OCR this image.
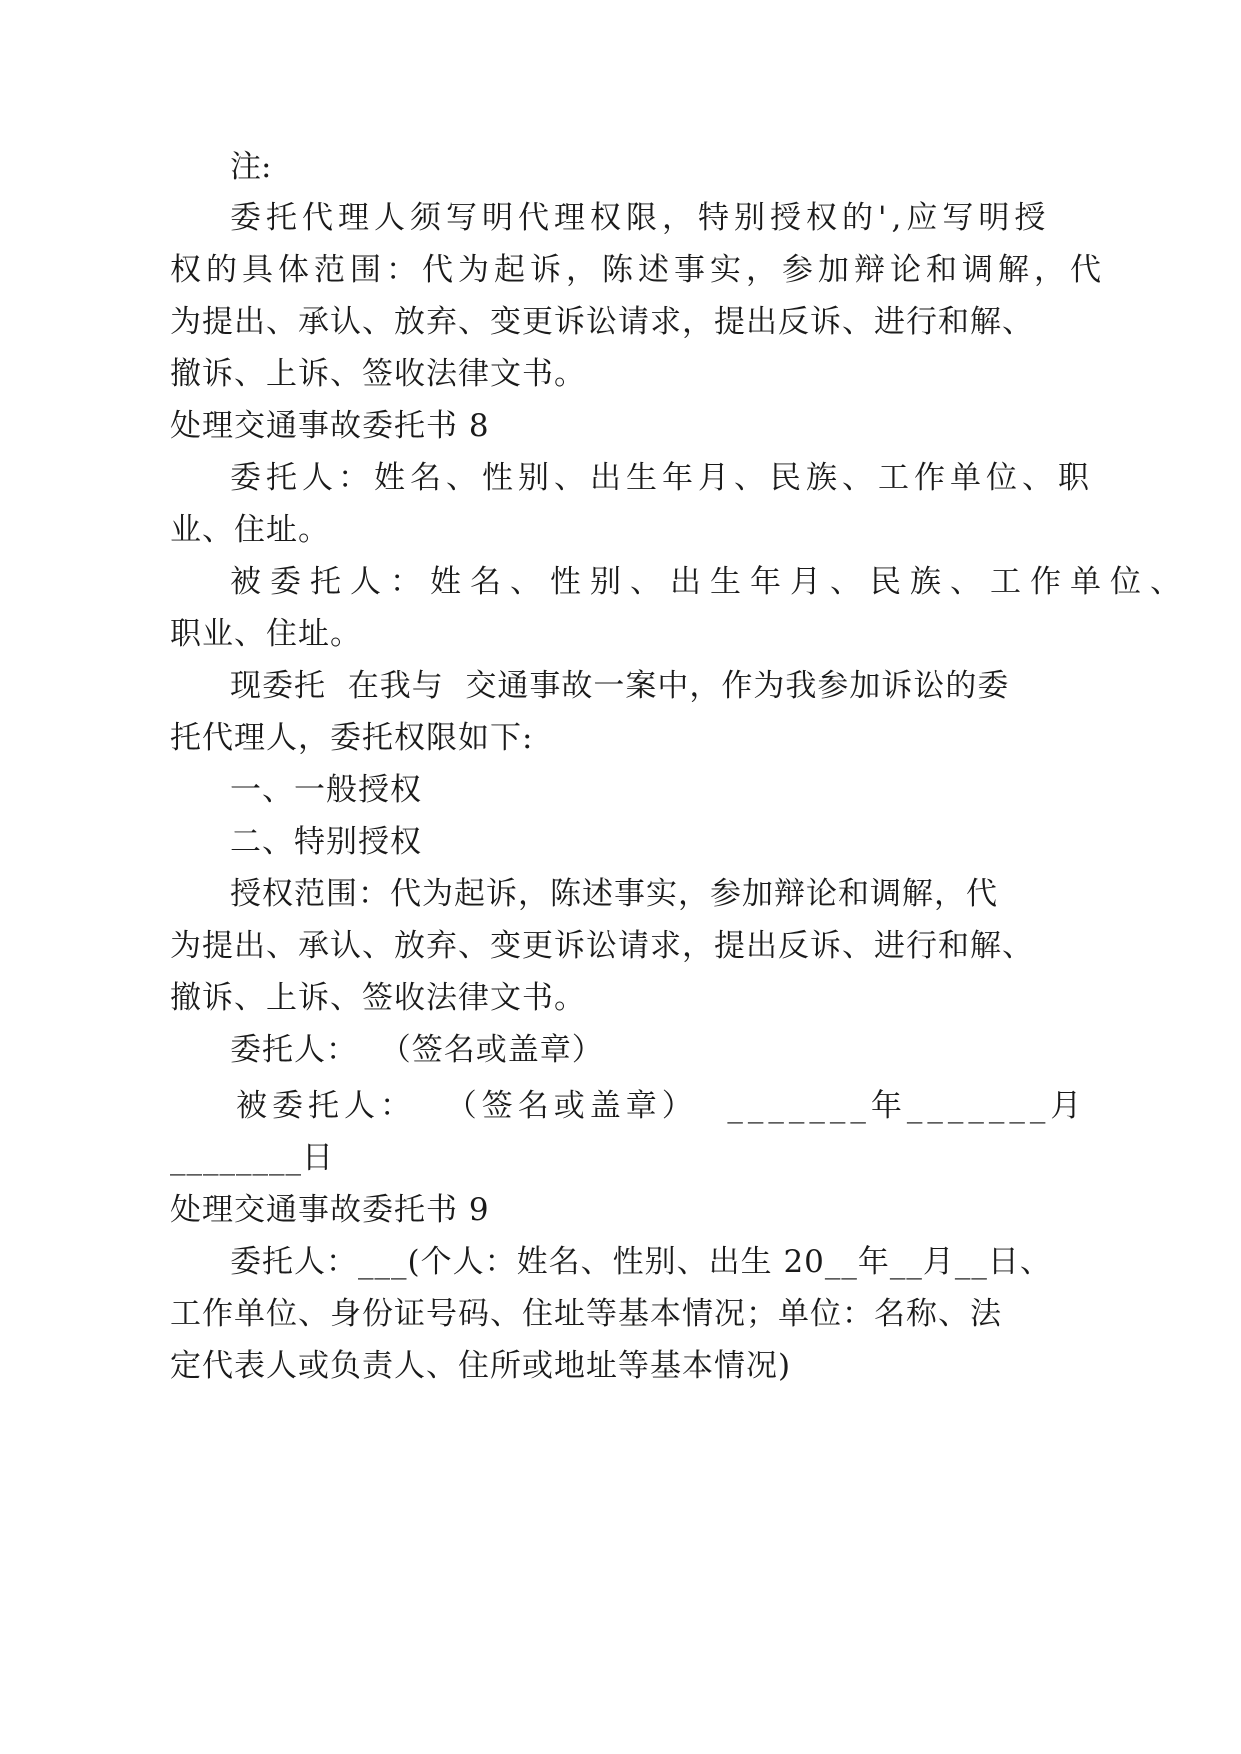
注:
委托代理人须写明代理权限，特别授权的',应写明授
权的具体范围：代为起诉，陈述事实，参加辩论和调解，代
为提出、承认、放弃、变更诉讼请求，提出反诉、进行和解、
撤诉、上诉、签收法律文书。
处理交通事故委托书 8
委托人：姓名、性别、出生年月、民族、工作单位、职
业、住址。
被委托人：姓名、性别、出生年月、民族、工作单位、
职业、住址。
现委托  在我与  交通事故一案中，作为我参加诉讼的委
托代理人，委托权限如下:
一、一般授权
二、特别授权
授权范围：代为起诉，陈述事实，参加辩论和调解，代
为提出、承认、放弃、变更诉讼请求，提出反诉、进行和解、
撤诉、上诉、签收法律文书。
委托人：  （签名或盖章）
被委托人：  （签名或盖章）  _______年_______月
________日
处理交通事故委托书 9
委托人：___(个人：姓名、性别、出生 20__年__月__日、
工作单位、身份证号码、住址等基本情况；单位：名称、法
定代表人或负责人、住所或地址等基本情况)
